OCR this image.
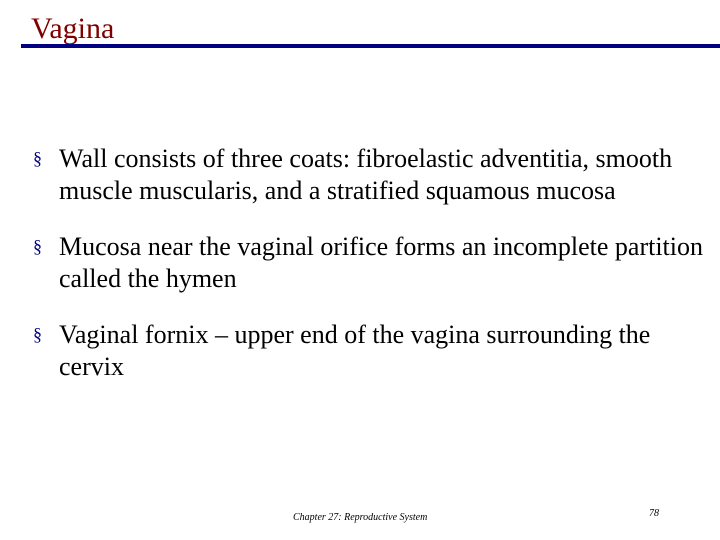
Vagina
§ Wall consists of three coats: fibroelastic adventitia, smooth muscle muscularis, and a stratified squamous mucosa
§ Mucosa near the vaginal orifice forms an incomplete partition called the hymen
§ Vaginal fornix – upper end of the vagina surrounding the cervix
Chapter 27: Reproductive System	78
